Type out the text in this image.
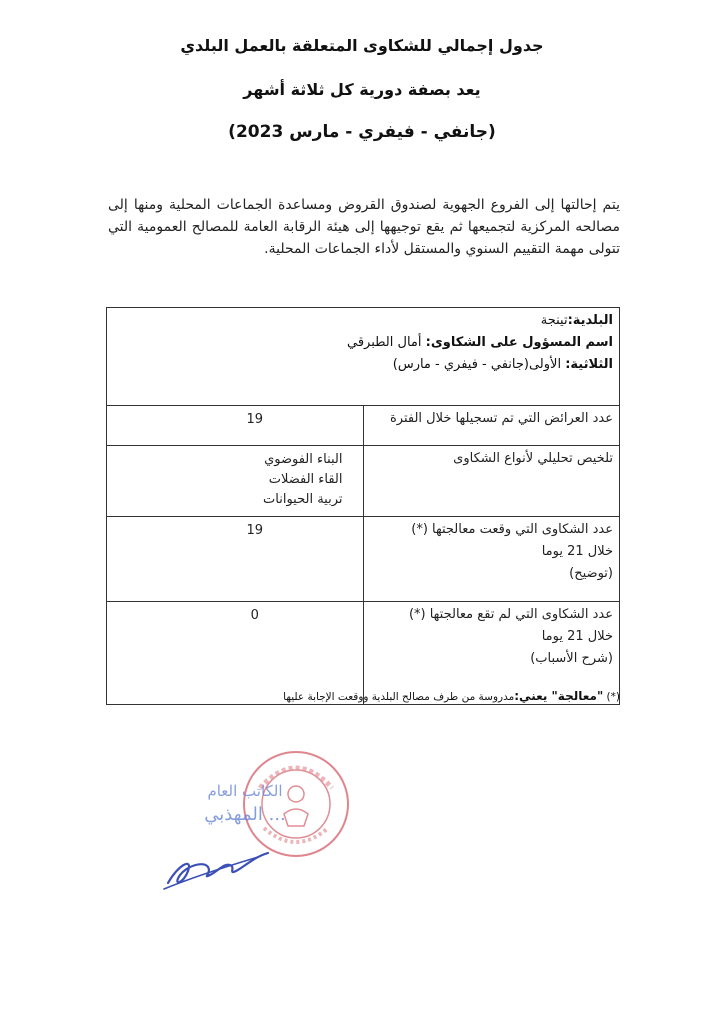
جدول إجمالي للشكاوى المتعلقة بالعمل البلدي
يعد بصفة دورية كل ثلاثة أشهر
(جانفي - فيفري - مارس 2023)
يتم إحالتها إلى الفروع الجهوية لصندوق القروض ومساعدة الجماعات المحلية ومنها إلى مصالحه المركزية لتجميعها ثم يقع توجيهها إلى هيئة الرقابة العامة للمصالح العمومية التي تتولى مهمة التقييم السنوي والمستقل لأداء الجماعات المحلية.
البلدية:تينجة
اسم المسؤول على الشكاوى: أمال الطبرقي
الثلاثية: الأولى(جانفي - فيفري - مارس)	

عدد العرائض التي تم تسجيلها خلال الفترة	19
تلخيص تحليلي لأنواع الشكاوى	البناء الفوضوي
القاء الفضلات
تربية الحيوانات

عدد الشكاوى التي وقعت معالجتها (*)
خلال 21 يوما
(توضيح)	19

عدد الشكاوى التي لم تقع معالجتها (*)
خلال 21 يوما
(شرح الأسباب)	0
(*) "معالجة" يعني:مدروسة من طرف مصالح البلدية ووقعت الإجابة عليها
الكاتب العام
... المهذبي
